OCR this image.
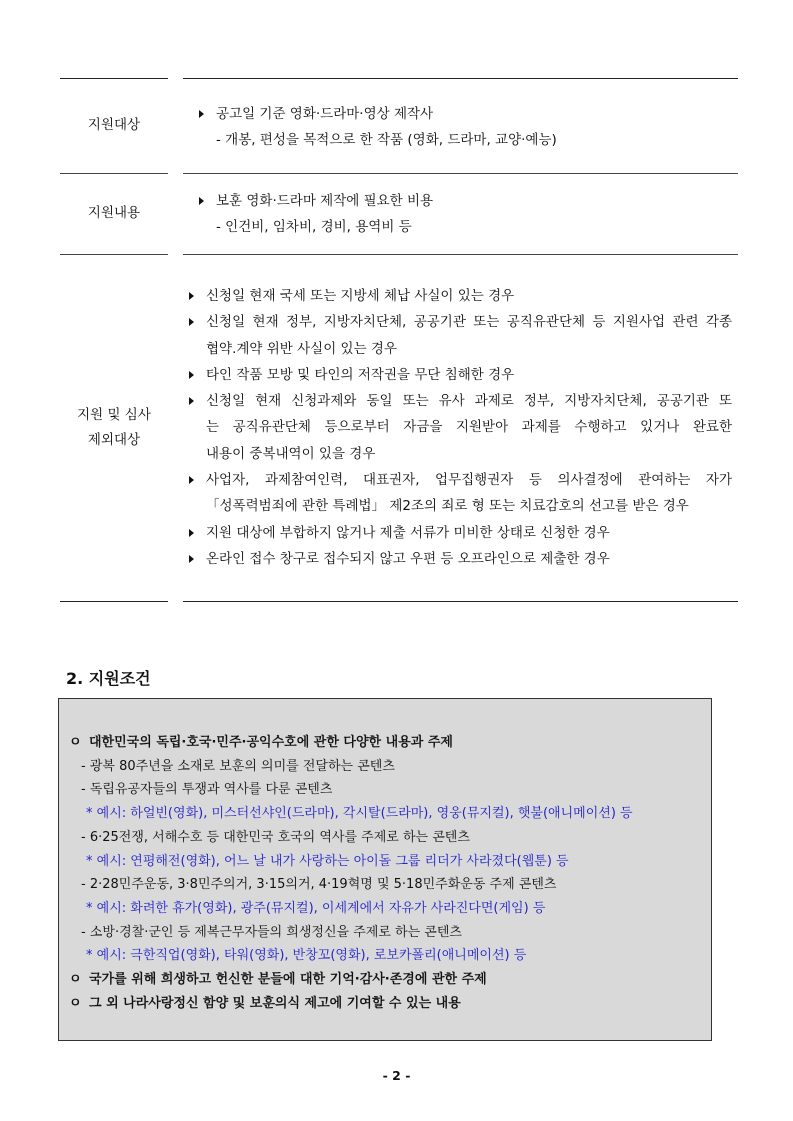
지원대상
공고일 기준 영화·드라마·영상 제작사
- 개봉, 편성을 목적으로 한 작품 (영화, 드라마, 교양·예능)
지원내용
보훈 영화·드라마 제작에 필요한 비용
- 인건비, 임차비, 경비, 용역비 등
지원 및 심사
제외대상
신청일 현재 국세 또는 지방세 체납 사실이 있는 경우
신청일 현재 정부, 지방자치단체, 공공기관 또는 공직유관단체 등 지원사업 관련 각종
협약.계약 위반 사실이 있는 경우
타인 작품 모방 및 타인의 저작권을 무단 침해한 경우
신청일 현재 신청과제와 동일 또는 유사 과제로 정부, 지방자치단체, 공공기관 또
는 공직유관단체 등으로부터 자금을 지원받아 과제를 수행하고 있거나 완료한
내용이 중복내역이 있을 경우
사업자, 과제참여인력, 대표권자, 업무집행권자 등 의사결정에 관여하는 자가
「성폭력범죄에 관한 특례법」 제2조의 죄로 형 또는 치료감호의 선고를 받은 경우
지원 대상에 부합하지 않거나 제출 서류가 미비한 상태로 신청한 경우
온라인 접수 창구로 접수되지 않고 우편 등 오프라인으로 제출한 경우
2. 지원조건
ㅇ 대한민국의 독립·호국·민주·공익수호에 관한 다양한 내용과 주제
- 광복 80주년을 소재로 보훈의 의미를 전달하는 콘텐츠
- 독립유공자들의 투쟁과 역사를 다룬 콘텐츠
* 예시: 하얼빈(영화), 미스터선샤인(드라마), 각시탈(드라마), 영웅(뮤지컬), 햇불(애니메이션) 등
- 6·25전쟁, 서해수호 등 대한민국 호국의 역사를 주제로 하는 콘텐츠
* 예시: 연평해전(영화), 어느 날 내가 사랑하는 아이돌 그룹 리더가 사라졌다(웹툰) 등
- 2·28민주운동, 3·8민주의거, 3·15의거, 4·19혁명 및 5·18민주화운동 주제 콘텐츠
* 예시: 화려한 휴가(영화), 광주(뮤지컬), 이세계에서 자유가 사라진다면(게임) 등
- 소방·경찰·군인 등 제복근무자들의 희생정신을 주제로 하는 콘텐츠
* 예시: 극한직업(영화), 타워(영화), 반창꼬(영화), 로보카폴리(애니메이션) 등
ㅇ 국가를 위해 희생하고 헌신한 분들에 대한 기억·감사·존경에 관한 주제
ㅇ 그 외 나라사랑정신 함양 및 보훈의식 제고에 기여할 수 있는 내용
- 2 -
